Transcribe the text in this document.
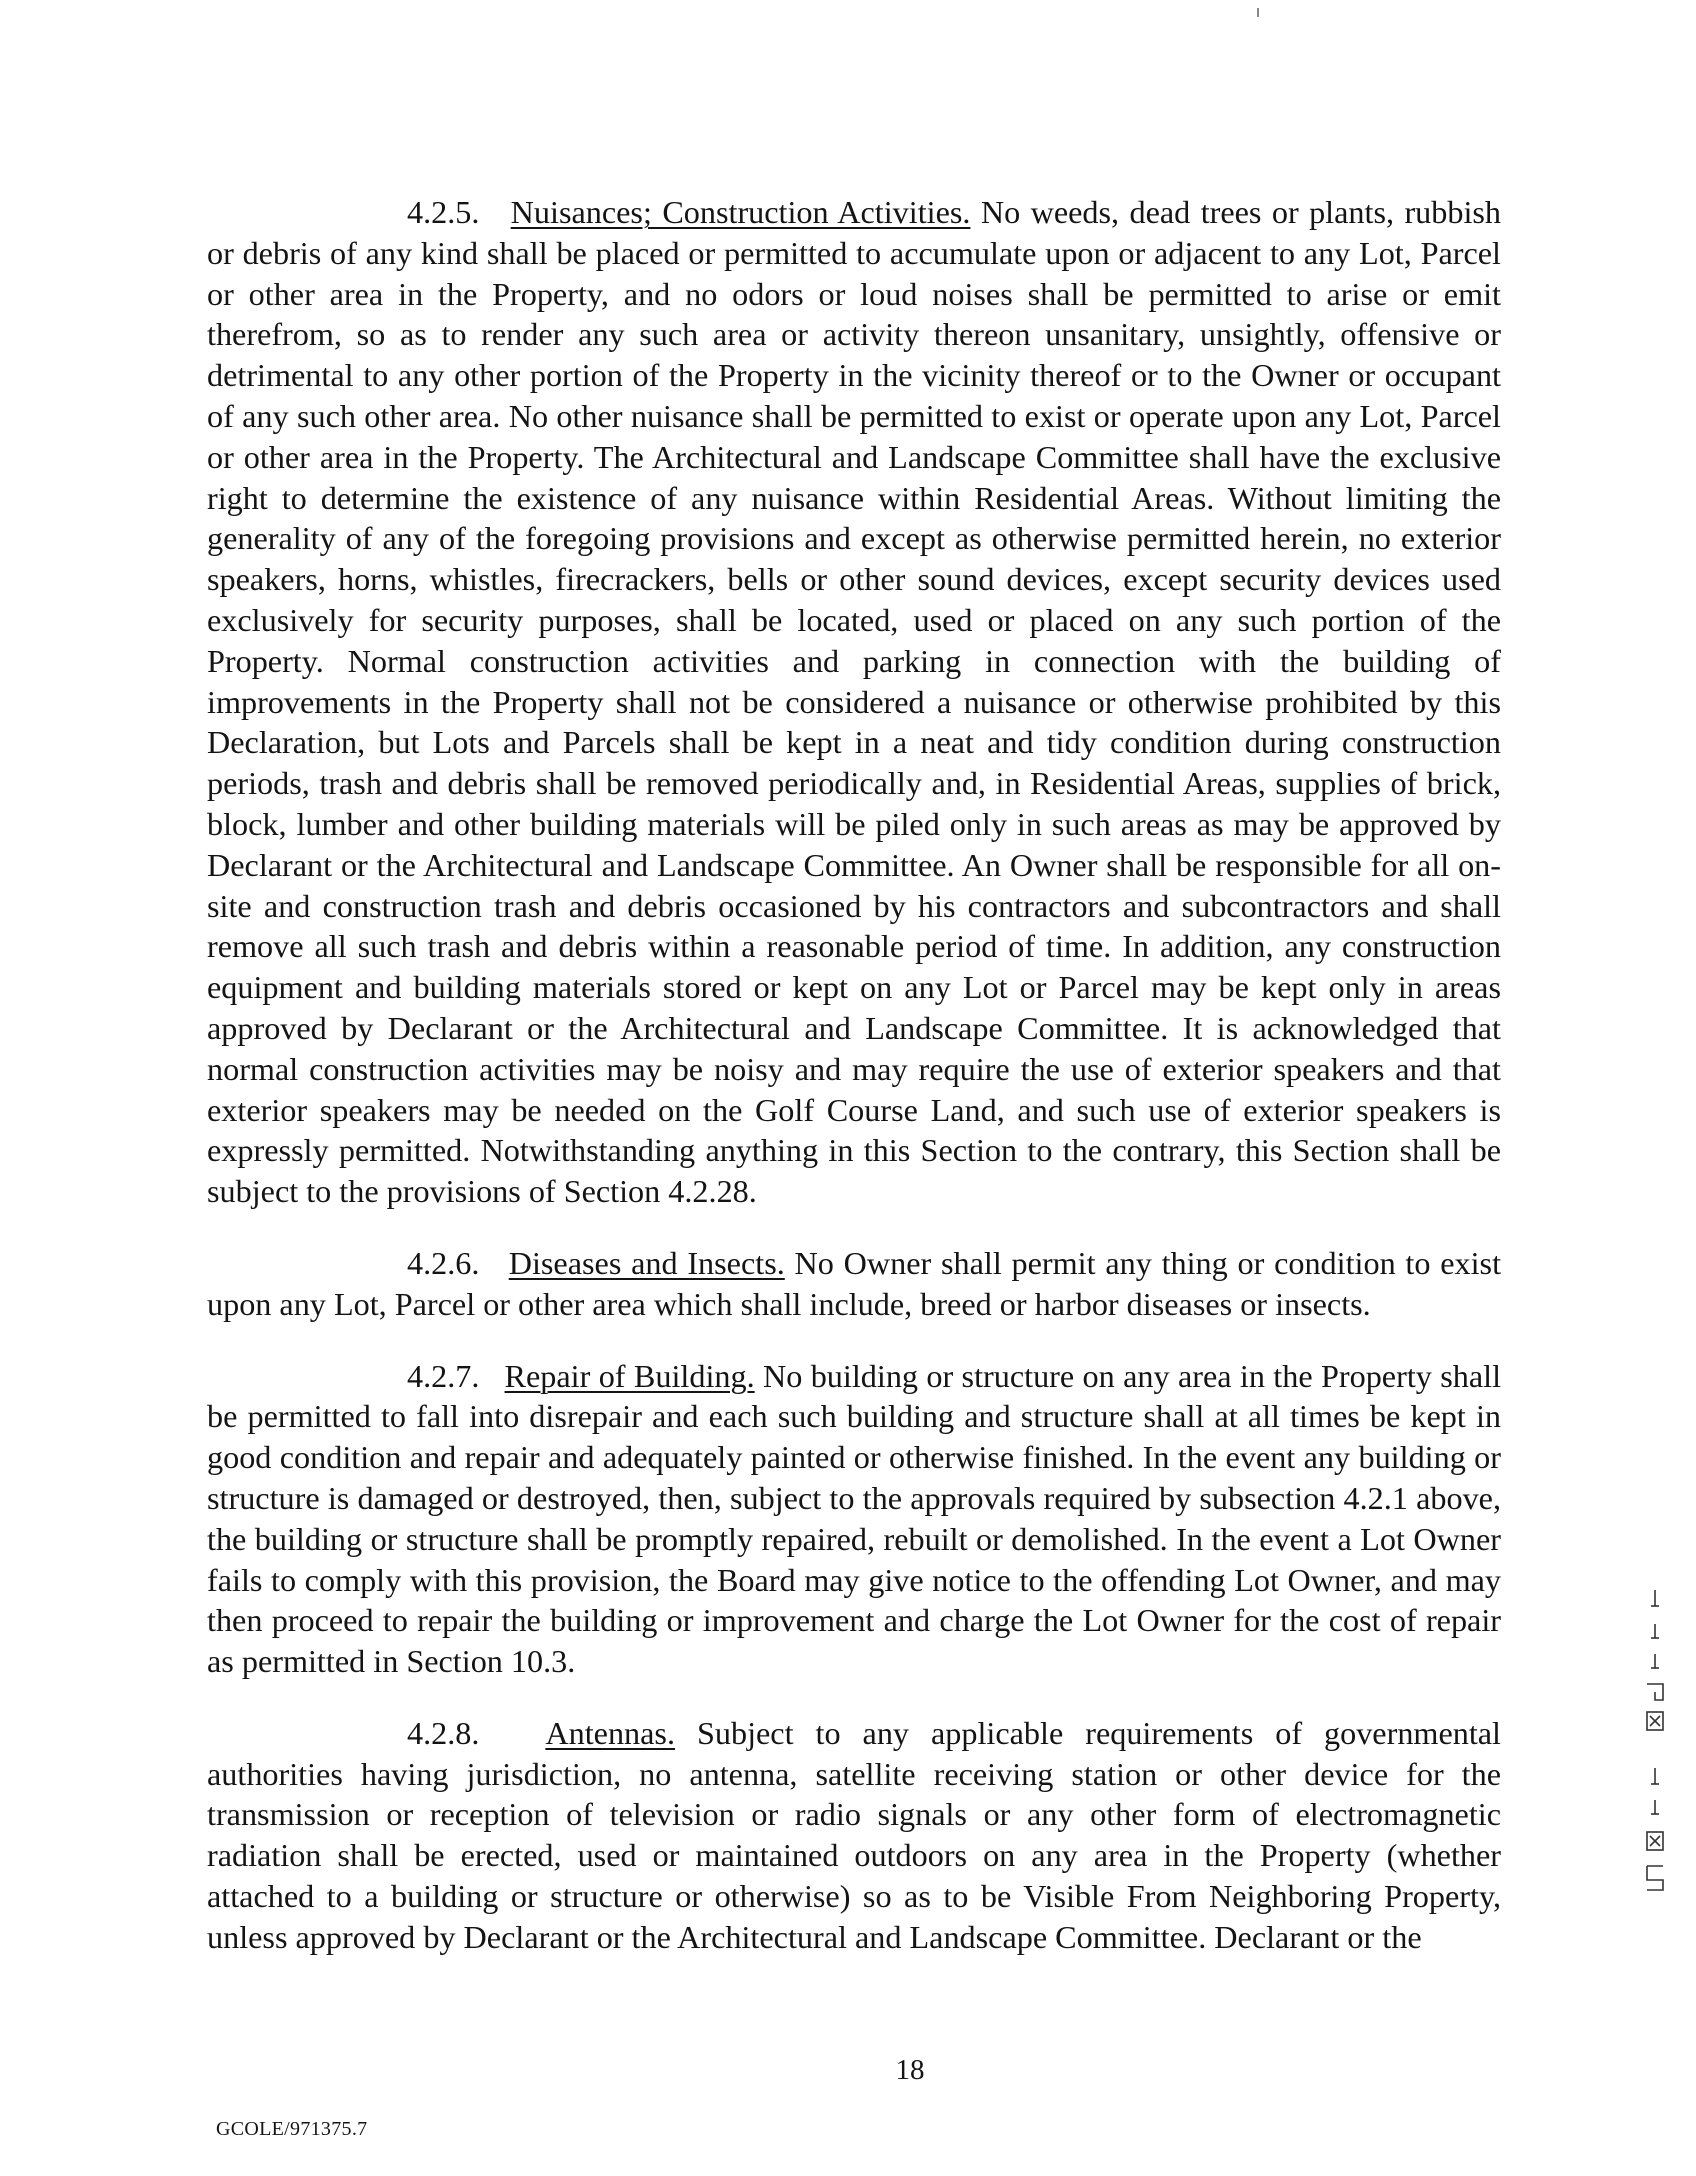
4.2.5. Nuisances; Construction Activities. No weeds, dead trees or plants, rubbish or debris of any kind shall be placed or permitted to accumulate upon or adjacent to any Lot, Parcel or other area in the Property, and no odors or loud noises shall be permitted to arise or emit therefrom, so as to render any such area or activity thereon unsanitary, unsightly, offensive or detrimental to any other portion of the Property in the vicinity thereof or to the Owner or occupant of any such other area. No other nuisance shall be permitted to exist or operate upon any Lot, Parcel or other area in the Property. The Architectural and Landscape Committee shall have the exclusive right to determine the existence of any nuisance within Residential Areas. Without limiting the generality of any of the foregoing provisions and except as otherwise permitted herein, no exterior speakers, horns, whistles, firecrackers, bells or other sound devices, except security devices used exclusively for security purposes, shall be located, used or placed on any such portion of the Property. Normal construction activities and parking in connection with the building of improvements in the Property shall not be considered a nuisance or otherwise prohibited by this Declaration, but Lots and Parcels shall be kept in a neat and tidy condition during construction periods, trash and debris shall be removed periodically and, in Residential Areas, supplies of brick, block, lumber and other building materials will be piled only in such areas as may be approved by Declarant or the Architectural and Landscape Committee. An Owner shall be responsible for all on-site and construction trash and debris occasioned by his contractors and subcontractors and shall remove all such trash and debris within a reasonable period of time. In addition, any construction equipment and building materials stored or kept on any Lot or Parcel may be kept only in areas approved by Declarant or the Architectural and Landscape Committee. It is acknowledged that normal construction activities may be noisy and may require the use of exterior speakers and that exterior speakers may be needed on the Golf Course Land, and such use of exterior speakers is expressly permitted. Notwithstanding anything in this Section to the contrary, this Section shall be subject to the provisions of Section 4.2.28.

4.2.6. Diseases and Insects. No Owner shall permit any thing or condition to exist upon any Lot, Parcel or other area which shall include, breed or harbor diseases or insects.

4.2.7. Repair of Building. No building or structure on any area in the Property shall be permitted to fall into disrepair and each such building and structure shall at all times be kept in good condition and repair and adequately painted or otherwise finished. In the event any building or structure is damaged or destroyed, then, subject to the approvals required by subsection 4.2.1 above, the building or structure shall be promptly repaired, rebuilt or demolished. In the event a Lot Owner fails to comply with this provision, the Board may give notice to the offending Lot Owner, and may then proceed to repair the building or improvement and charge the Lot Owner for the cost of repair as permitted in Section 10.3.

4.2.8. Antennas. Subject to any applicable requirements of governmental authorities having jurisdiction, no antenna, satellite receiving station or other device for the transmission or reception of television or radio signals or any other form of electromagnetic radiation shall be erected, used or maintained outdoors on any area in the Property (whether attached to a building or structure or otherwise) so as to be Visible From Neighboring Property, unless approved by Declarant or the Architectural and Landscape Committee. Declarant or the

18
GCOLE/971375.7
